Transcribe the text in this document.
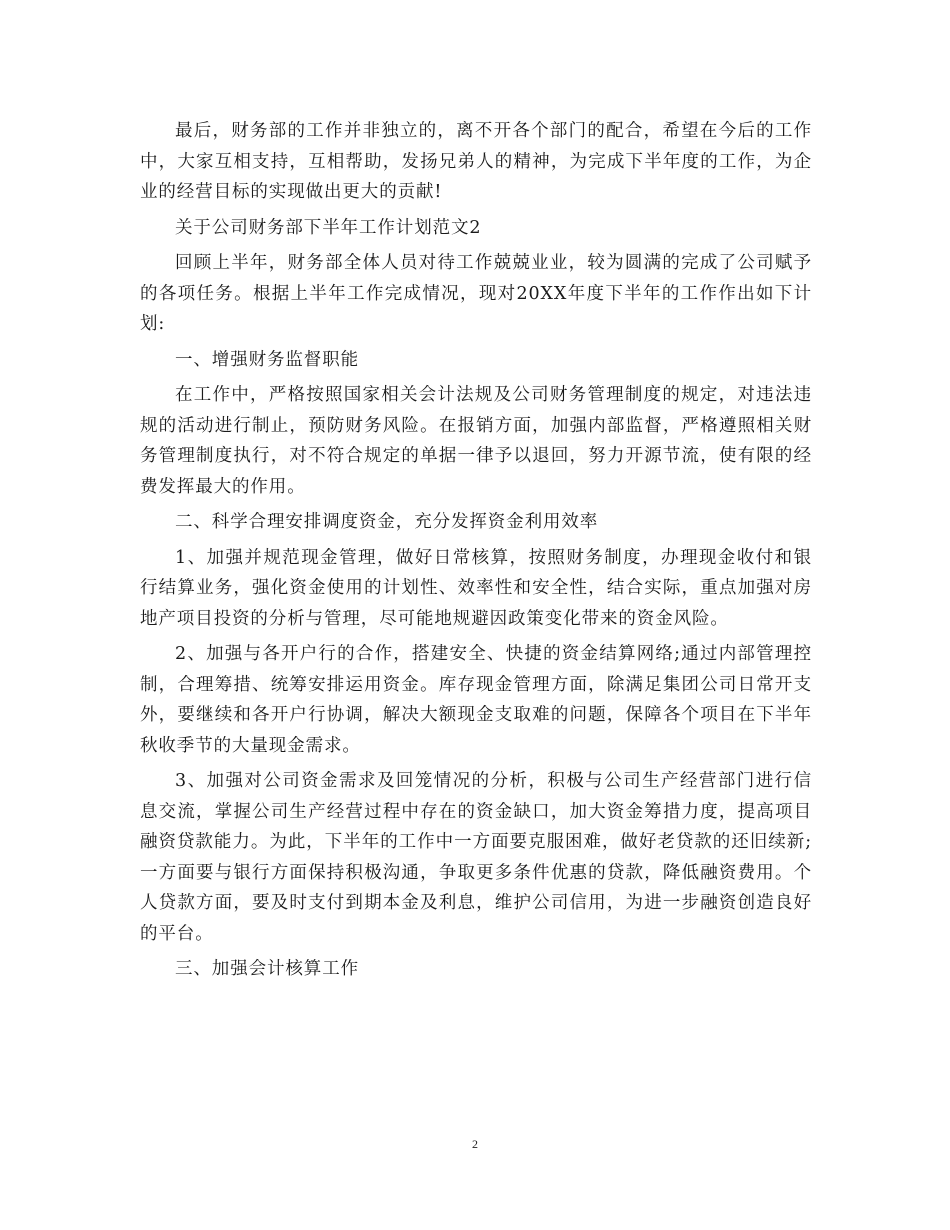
最后，财务部的工作并非独立的，离不开各个部门的配合，希望在今后的工作中，大家互相支持，互相帮助，发扬兄弟人的精神，为完成下半年度的工作，为企业的经营目标的实现做出更大的贡献!

关于公司财务部下半年工作计划范文2

回顾上半年，财务部全体人员对待工作兢兢业业，较为圆满的完成了公司赋予的各项任务。根据上半年工作完成情况，现对20XX年度下半年的工作作出如下计划:

一、增强财务监督职能

在工作中，严格按照国家相关会计法规及公司财务管理制度的规定，对违法违规的活动进行制止，预防财务风险。在报销方面，加强内部监督，严格遵照相关财务管理制度执行，对不符合规定的单据一律予以退回，努力开源节流，使有限的经费发挥最大的作用。

二、科学合理安排调度资金，充分发挥资金利用效率

1、加强并规范现金管理，做好日常核算，按照财务制度，办理现金收付和银行结算业务，强化资金使用的计划性、效率性和安全性，结合实际，重点加强对房地产项目投资的分析与管理，尽可能地规避因政策变化带来的资金风险。

2、加强与各开户行的合作，搭建安全、快捷的资金结算网络;通过内部管理控制，合理筹措、统筹安排运用资金。库存现金管理方面，除满足集团公司日常开支外，要继续和各开户行协调，解决大额现金支取难的问题，保障各个项目在下半年秋收季节的大量现金需求。

3、加强对公司资金需求及回笼情况的分析，积极与公司生产经营部门进行信息交流，掌握公司生产经营过程中存在的资金缺口，加大资金筹措力度，提高项目融资贷款能力。为此，下半年的工作中一方面要克服困难，做好老贷款的还旧续新;一方面要与银行方面保持积极沟通，争取更多条件优惠的贷款，降低融资费用。个人贷款方面，要及时支付到期本金及利息，维护公司信用，为进一步融资创造良好的平台。

三、加强会计核算工作

2
